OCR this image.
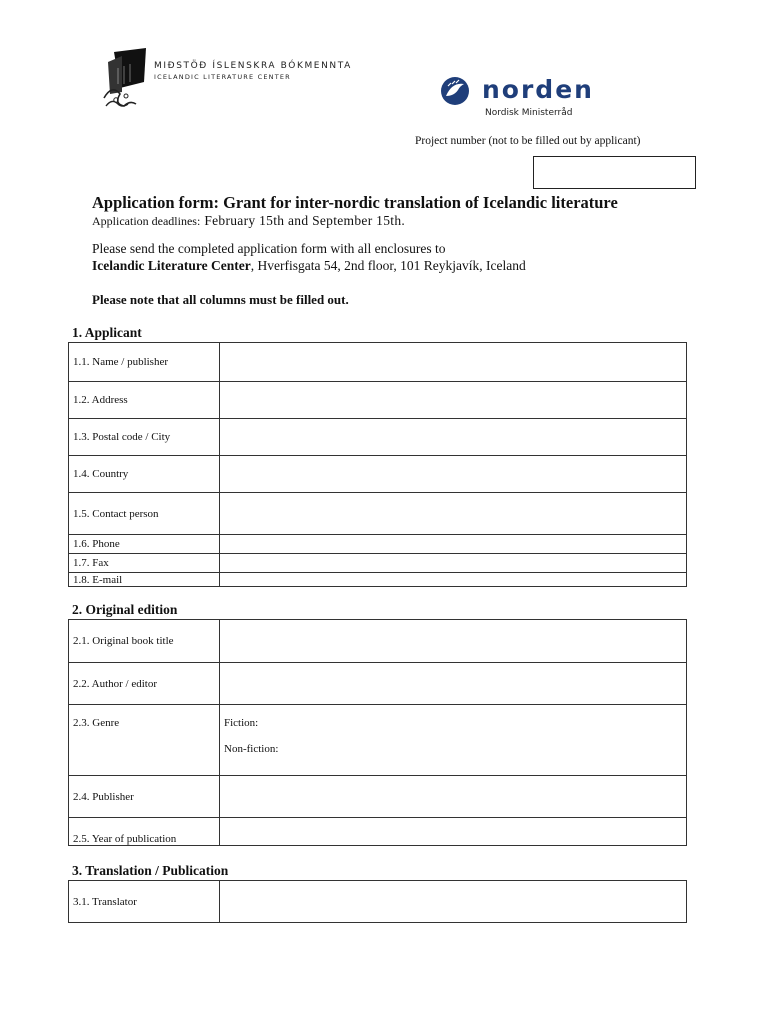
MIÐSTÖÐ ÍSLENSKRA BÓKMENNTA
ICELANDIC LITERATURE CENTER	norden
Nordisk Ministerråd
Project number (not to be filled out by applicant)
Application form: Grant for inter-nordic translation of Icelandic literature
Application deadlines: February 15th and September 15th.
Please send the completed application form with all enclosures to
Icelandic Literature Center, Hverfisgata 54, 2nd floor, 101 Reykjavík, Iceland
Please note that all columns must be filled out.
1. Applicant
1.1. Name / publisher	
1.2. Address	
1.3. Postal code / City	
1.4. Country	
1.5. Contact person	
1.6. Phone	
1.7. Fax	
1.8. E-mail	
2. Original edition
2.1. Original book title	
2.2. Author / editor	
2.3. Genre	Fiction:
Non-fiction:

2.4. Publisher	
2.5. Year of publication	
3. Translation / Publication
3.1. Translator	
